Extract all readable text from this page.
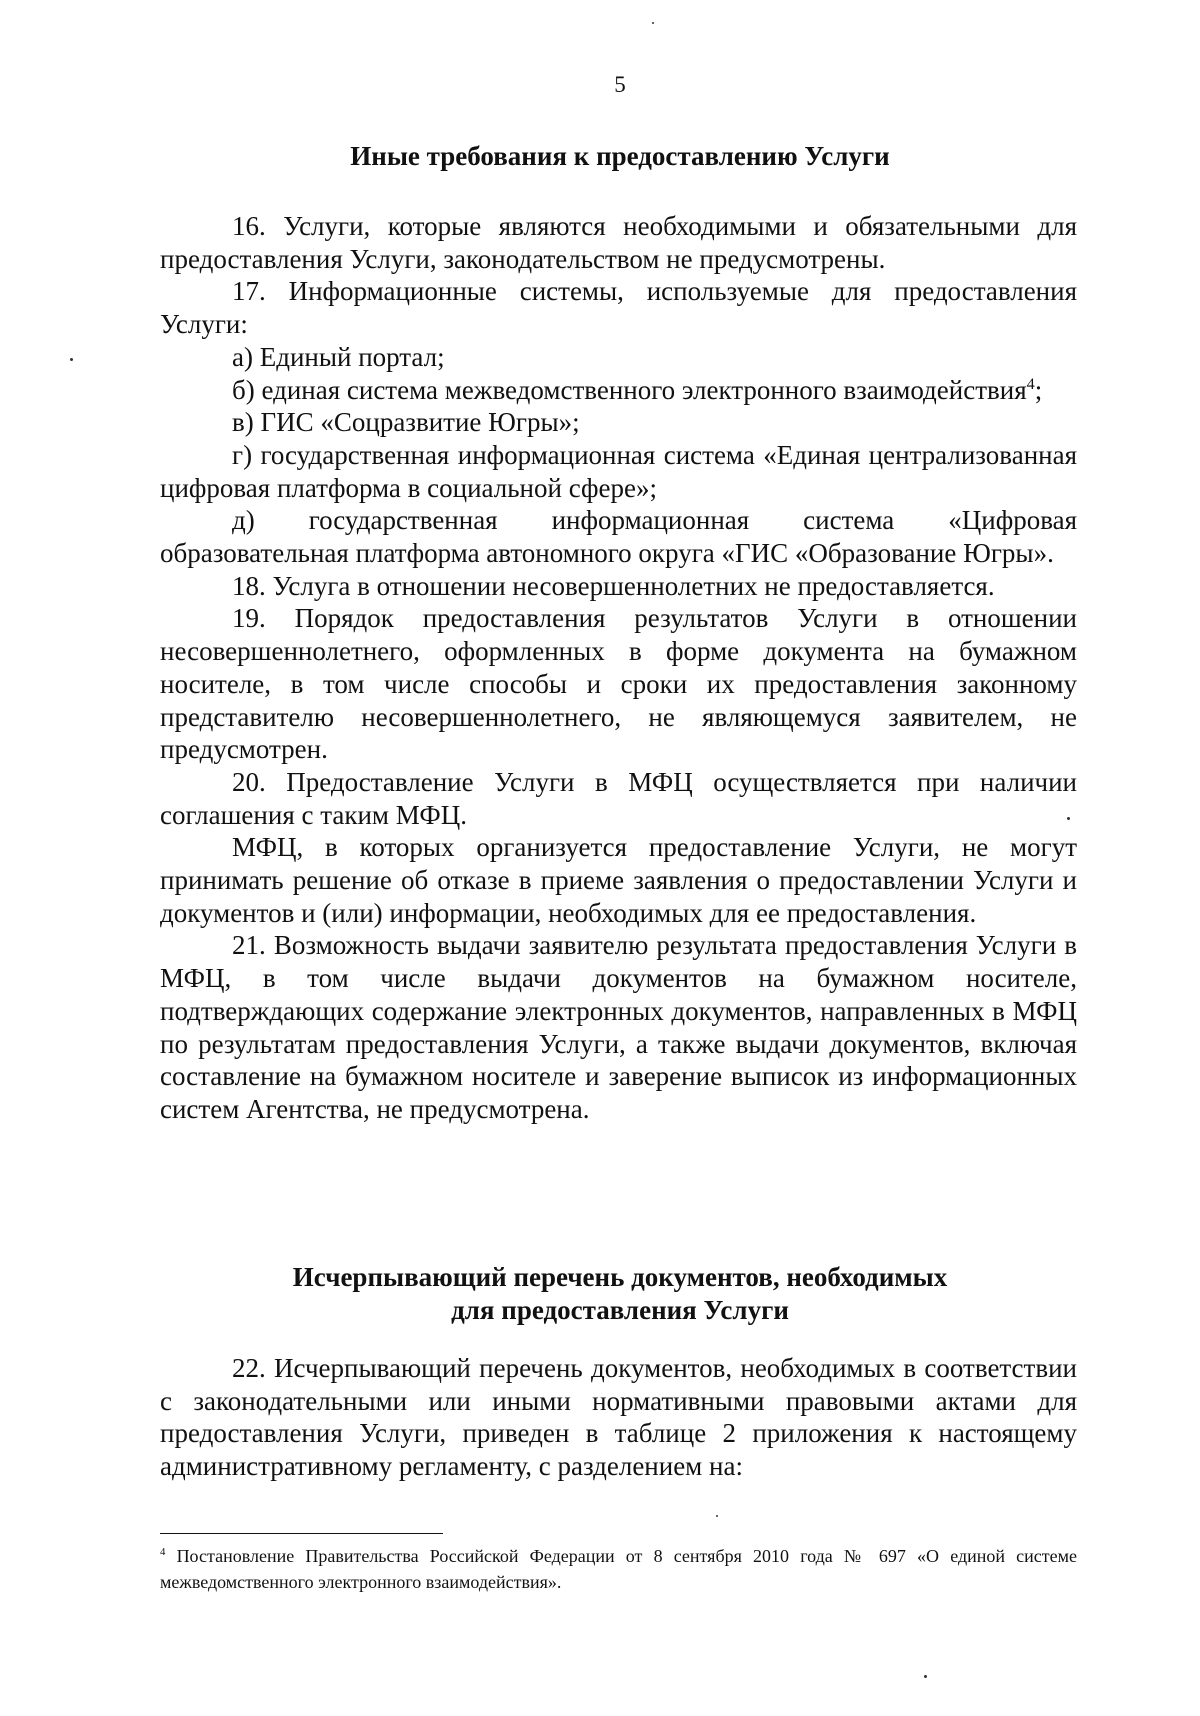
5
Иные требования к предоставлению Услуги

16. Услуги, которые являются необходимыми и обязательными для предоставления Услуги, законодательством не предусмотрены.

17. Информационные системы, используемые для предоставления Услуги:

а) Единый портал;

б) единая система межведомственного электронного взаимодействия$^4$;

в) ГИС «Соцразвитие Югры»;

г) государственная информационная система «Единая централизованная цифровая платформа в социальной сфере»;

д) государственная информационная система «Цифровая образовательная платформа автономного округа «ГИС «Образование Югры».

18. Услуга в отношении несовершеннолетних не предоставляется.

19. Порядок предоставления результатов Услуги в отношении несовершеннолетнего, оформленных в форме документа на бумажном носителе, в том числе способы и сроки их предоставления законному представителю несовершеннолетнего, не являющемуся заявителем, не предусмотрен.

20. Предоставление Услуги в МФЦ осуществляется при наличии соглашения с таким МФЦ.

МФЦ, в которых организуется предоставление Услуги, не могут принимать решение об отказе в приеме заявления о предоставлении Услуги и документов и (или) информации, необходимых для ее предоставления.

21. Возможность выдачи заявителю результата предоставления Услуги в МФЦ, в том числе выдачи документов на бумажном носителе, подтверждающих содержание электронных документов, направленных в МФЦ по результатам предоставления Услуги, а также выдачи документов, включая составление на бумажном носителе и заверение выписок из информационных систем Агентства, не предусмотрена.

Исчерпывающий перечень документов, необходимых
для предоставления Услуги

22. Исчерпывающий перечень документов, необходимых в соответствии с законодательными или иными нормативными правовыми актами для предоставления Услуги, приведен в таблице 2 приложения к настоящему административному регламенту, с разделением на:

$^4$ Постановление Правительства Российской Федерации от 8 сентября 2010 года № 697 «О единой системе межведомственного электронного взаимодействия».
